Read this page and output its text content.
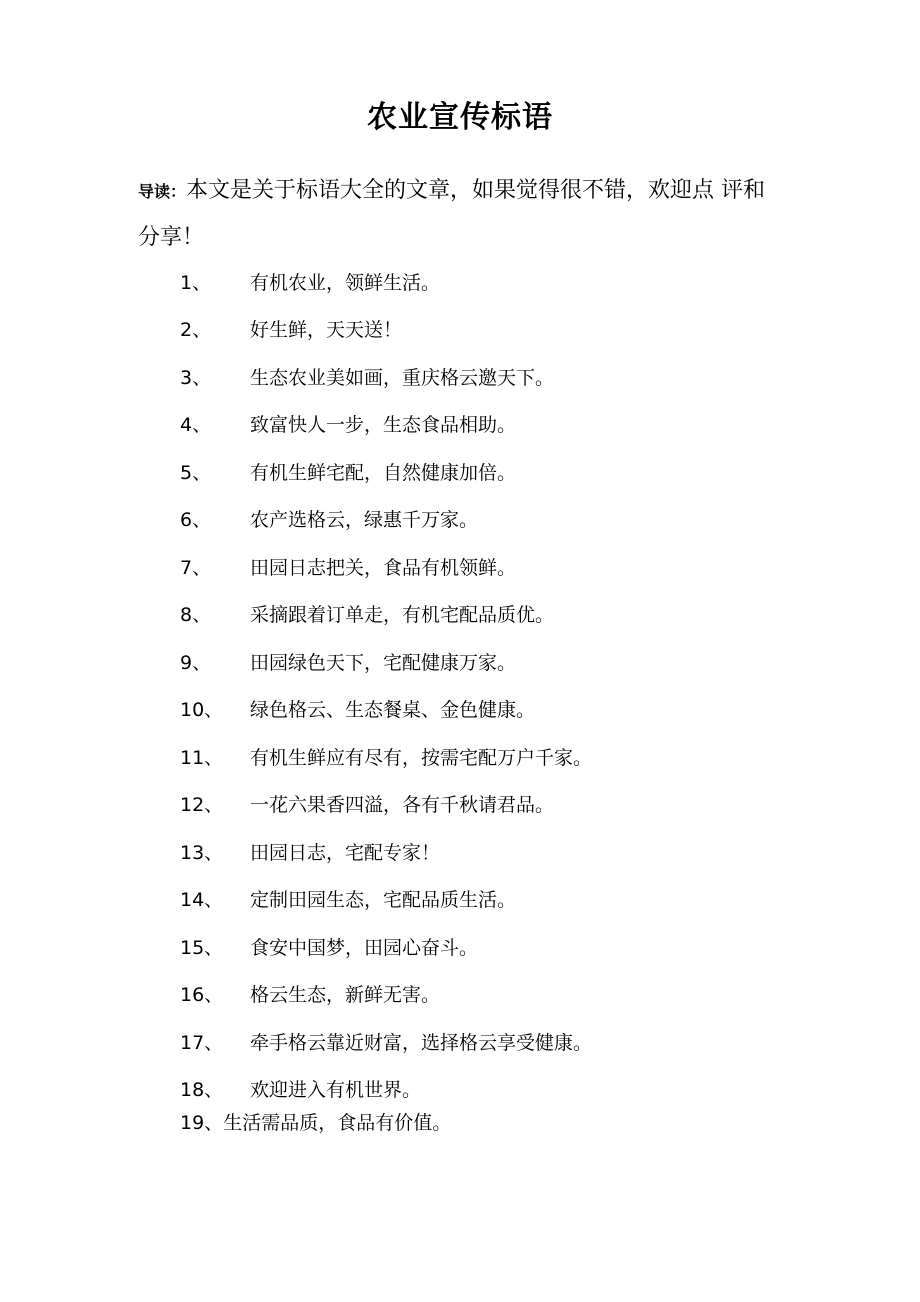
农业宣传标语
导读：本文是关于标语大全的文章，如果觉得很不错，欢迎点 评和分享！
1、 有机农业，领鲜生活。
2、 好生鲜，天天送！
3、 生态农业美如画，重庆格云邀天下。
4、 致富快人一步，生态食品相助。
5、 有机生鲜宅配，自然健康加倍。
6、 农产选格云，绿惠千万家。
7、 田园日志把关，食品有机领鲜。
8、 采摘跟着订单走，有机宅配品质优。
9、 田园绿色天下，宅配健康万家。
10、 绿色格云、生态餐桌、金色健康。
11、 有机生鲜应有尽有，按需宅配万户千家。
12、 一花六果香四溢，各有千秋请君品。
13、 田园日志，宅配专家！
14、 定制田园生态，宅配品质生活。
15、 食安中国梦，田园心奋斗。
16、 格云生态，新鲜无害。
17、 牵手格云靠近财富，选择格云享受健康。
18、 欢迎进入有机世界。
19、生活需品质，食品有价值。
